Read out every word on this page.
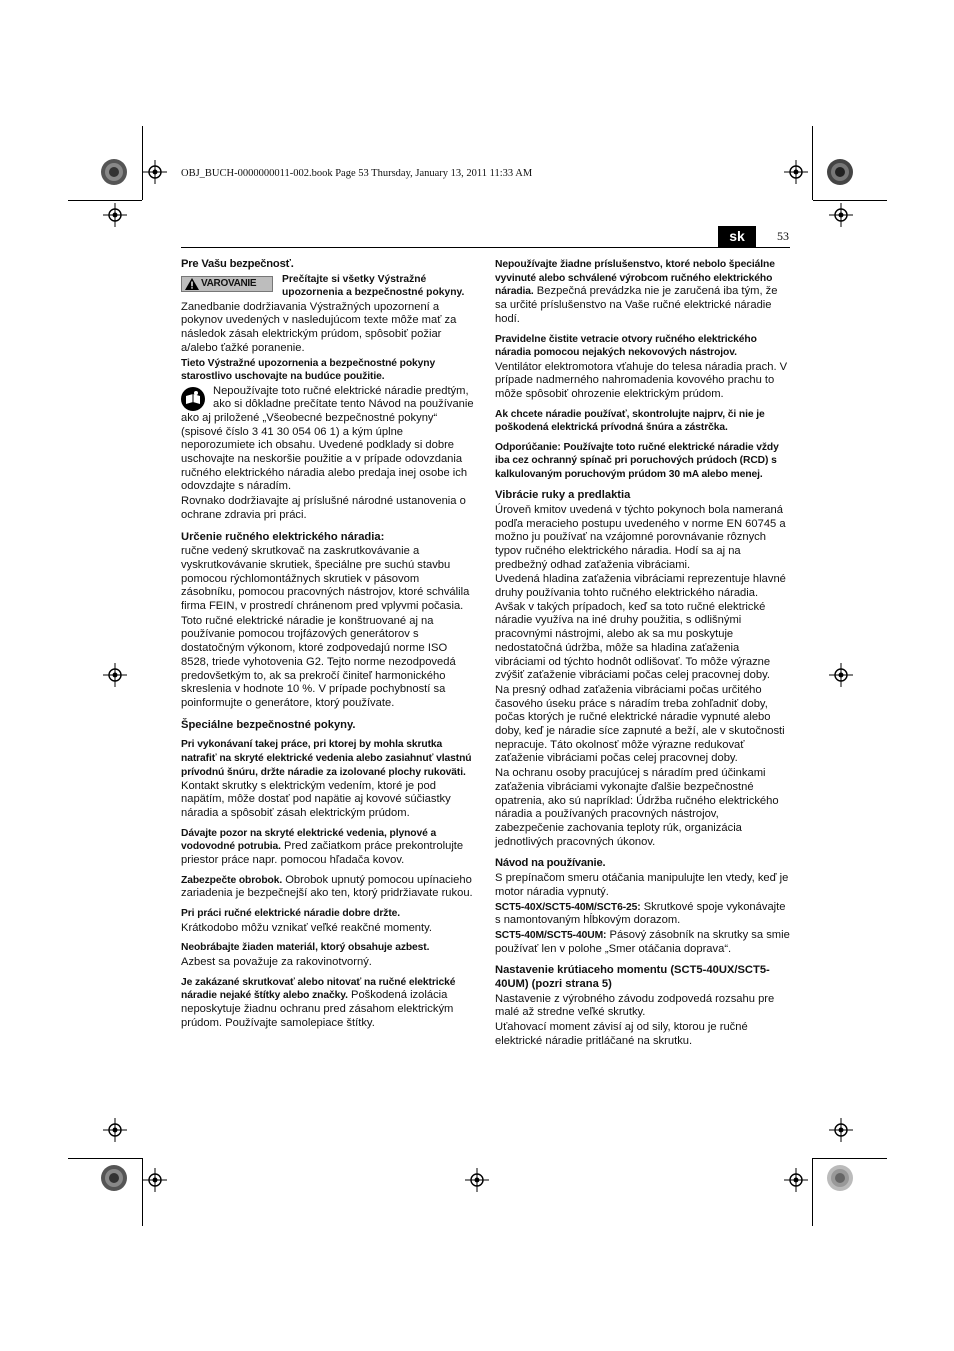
OBJ_BUCH-0000000011-002.book Page 53 Thursday, January 13, 2011 11:33 AM
sk	53

Pre Vašu bezpečnosť.

VAROVANIE Prečítajte si všetky Výstražné upozornenia a bezpečnostné pokyny.

Zanedbanie dodržiavania Výstražných upozornení a pokynov uvedených v nasledujúcom texte môže mať za následok zásah elektrickým prúdom, spôsobiť požiar a/alebo ťažké poranenie.

Tieto Výstražné upozornenia a bezpečnostné pokyny starostlivo uschovajte na budúce použitie.

Nepoužívajte toto ručné elektrické náradie predtým, ako si dôkladne prečítate tento Návod na používanie ako aj priložené „Všeobecné bezpečnostné pokyny“ (spisové číslo 3 41 30 054 06 1) a kým úplne neporozumiete ich obsahu. Uvedené podklady si dobre uschovajte na neskoršie použitie a v prípade odovzdania ručného elektrického náradia alebo predaja inej osobe ich odovzdajte s náradím.

Rovnako dodržiavajte aj príslušné národné ustanovenia o ochrane zdravia pri práci.

Určenie ručného elektrického náradia:

ručne vedený skrutkovač na zaskrutkovávanie a vyskrutkovávanie skrutiek, špeciálne pre suchú stavbu pomocou rýchlomontážnych skrutiek v pásovom zásobníku, pomocou pracovných nástrojov, ktoré schválila firma FEIN, v prostredí chránenom pred vplyvmi počasia.

Toto ručné elektrické náradie je konštruované aj na používanie pomocou trojfázových generátorov s dostatočným výkonom, ktoré zodpovedajú norme ISO 8528, triede vyhotovenia G2. Tejto norme nezodpovedá predovšetkým to, ak sa prekročí činiteľ harmonického skreslenia v hodnote 10 %. V prípade pochybností sa poinformujte o generátore, ktorý používate.

Špeciálne bezpečnostné pokyny.

Pri vykonávaní takej práce, pri ktorej by mohla skrutka natrafiť na skryté elektrické vedenia alebo zasiahnuť vlastnú prívodnú šnúru, držte náradie za izolované plochy rukoväti. Kontakt skrutky s elektrickým vedením, ktoré je pod napätím, môže dostať pod napätie aj kovové súčiastky náradia a spôsobiť zásah elektrickým prúdom.

Dávajte pozor na skryté elektrické vedenia, plynové a vodovodné potrubia. Pred začiatkom práce prekontrolujte priestor práce napr. pomocou hľadača kovov.

Zabezpečte obrobok. Obrobok upnutý pomocou upínacieho zariadenia je bezpečnejší ako ten, ktorý pridržiavate rukou.

Pri práci ručné elektrické náradie dobre držte.

Krátkodobo môžu vznikať veľké reakčné momenty.

Neobrábajte žiaden materiál, ktorý obsahuje azbest.

Azbest sa považuje za rakovinotvorný.

Je zakázané skrutkovať alebo nitovať na ručné elektrické náradie nejaké štítky alebo značky. Poškodená izolácia neposkytuje žiadnu ochranu pred zásahom elektrickým prúdom. Používajte samolepiace štítky.

Nepoužívajte žiadne príslušenstvo, ktoré nebolo špeciálne vyvinuté alebo schválené výrobcom ručného elektrického náradia. Bezpečná prevádzka nie je zaručená iba tým, že sa určité príslušenstvo na Vaše ručné elektrické náradie hodí.

Pravidelne čistite vetracie otvory ručného elektrického náradia pomocou nejakých nekovových nástrojov.

Ventilátor elektromotora vťahuje do telesa náradia prach. V prípade nadmerného nahromadenia kovového prachu to môže spôsobiť ohrozenie elektrickým prúdom.

Ak chcete náradie používať, skontrolujte najprv, či nie je poškodená elektrická prívodná šnúra a zástrčka.

Odporúčanie: Používajte toto ručné elektrické náradie vždy iba cez ochranný spínač pri poruchových prúdoch (RCD) s kalkulovaným poruchovým prúdom 30 mA alebo menej.

Vibrácie ruky a predlaktia

Úroveň kmitov uvedená v týchto pokynoch bola nameraná podľa meracieho postupu uvedeného v norme EN 60745 a možno ju používať na vzájomné porovnávanie rôznych typov ručného elektrického náradia. Hodí sa aj na predbežný odhad zaťaženia vibráciami.

Uvedená hladina zaťaženia vibráciami reprezentuje hlavné druhy používania tohto ručného elektrického náradia. Avšak v takých prípadoch, keď sa toto ručné elektrické náradie využíva na iné druhy použitia, s odlišnými pracovnými nástrojmi, alebo ak sa mu poskytuje nedostatočná údržba, môže sa hladina zaťaženia vibráciami od týchto hodnôt odlišovať. To môže výrazne zvýšiť zaťaženie vibráciami počas celej pracovnej doby.

Na presný odhad zaťaženia vibráciami počas určitého časového úseku práce s náradím treba zohľadniť doby, počas ktorých je ručné elektrické náradie vypnuté alebo doby, keď je náradie síce zapnuté a beží, ale v skutočnosti nepracuje. Táto okolnosť môže výrazne redukovať zaťaženie vibráciami počas celej pracovnej doby.

Na ochranu osoby pracujúcej s náradím pred účinkami zaťaženia vibráciami vykonajte ďalšie bezpečnostné opatrenia, ako sú napríklad: Údržba ručného elektrického náradia a používaných pracovných nástrojov, zabezpečenie zachovania teploty rúk, organizácia jednotlivých pracovných úkonov.

Návod na používanie.

S prepínačom smeru otáčania manipulujte len vtedy, keď je motor náradia vypnutý.

SCT5-40X/SCT5-40M/SCT6-25: Skrutkové spoje vykonávajte s namontovaným hĺbkovým dorazom.

SCT5-40M/SCT5-40UM: Pásový zásobník na skrutky sa smie používať len v polohe „Smer otáčania doprava“.

Nastavenie krútiaceho momentu (SCT5-40UX/SCT5-40UM) (pozri strana 5)

Nastavenie z výrobného závodu zodpovedá rozsahu pre malé až stredne veľké skrutky.

Uťahovací moment závisí aj od sily, ktorou je ručné elektrické náradie pritláčané na skrutku.
